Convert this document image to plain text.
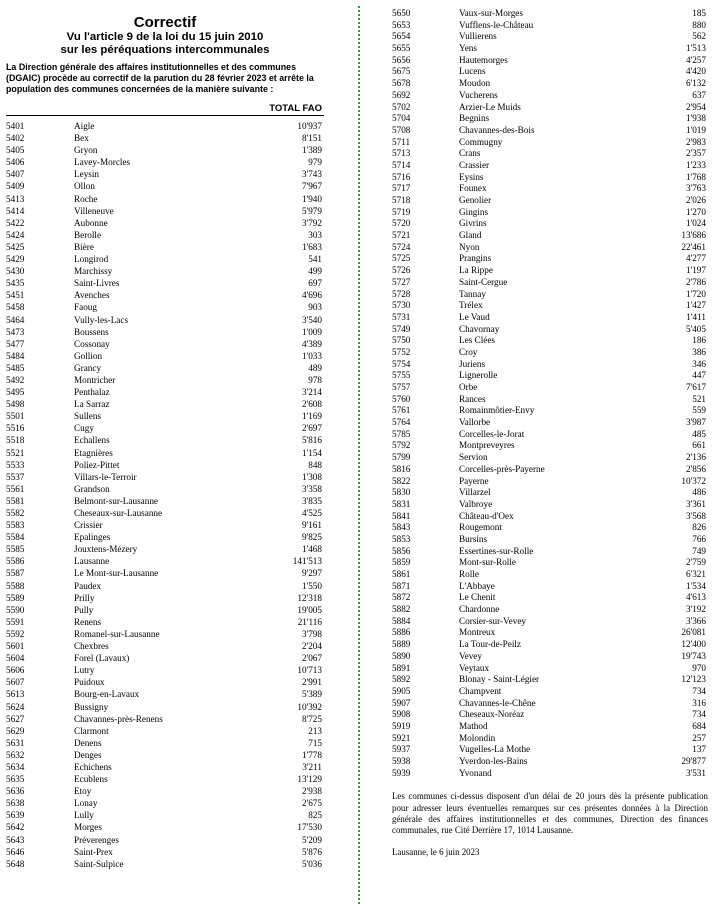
Correctif
Vu l'article 9 de la loi du 15 juin 2010
sur les péréquations intercommunales
La Direction générale des affaires institutionnelles et des communes (DGAIC) procède au correctif de la parution du 28 février 2023 et arrête la population des communes concernées de la manière suivante :
TOTAL FAO
5401	Aigle	10'937
5402	Bex	8'151
5405	Gryon	1'389
5406	Lavey-Morcles	979
5407	Leysin	3'743
5409	Ollon	7'967
5413	Roche	1'940
5414	Villeneuve	5'979
5422	Aubonne	3'792
5424	Berolle	303
5425	Bière	1'683
5429	Longirod	541
5430	Marchissy	499
5435	Saint-Livres	697
5451	Avenches	4'696
5458	Faoug	903
5464	Vully-les-Lacs	3'540
5473	Boussens	1'009
5477	Cossonay	4'389
5484	Gollion	1'033
5485	Grancy	489
5492	Montricher	978
5495	Penthalaz	3'214
5498	La Sarraz	2'608
5501	Sullens	1'169
5516	Cugy	2'697
5518	Echallens	5'816
5521	Etagnières	1'154
5533	Poliez-Pittet	848
5537	Villars-le-Terroir	1'308
5561	Grandson	3'358
5581	Belmont-sur-Lausanne	3'835
5582	Cheseaux-sur-Lausanne	4'525
5583	Crissier	9'161
5584	Epalinges	9'825
5585	Jouxtens-Mézery	1'468
5586	Lausanne	141'513
5587	Le Mont-sur-Lausanne	9'297
5588	Paudex	1'550
5589	Prilly	12'318
5590	Pully	19'005
5591	Renens	21'116
5592	Romanel-sur-Lausanne	3'798
5601	Chexbres	2'204
5604	Forel (Lavaux)	2'067
5606	Lutry	10'713
5607	Puidoux	2'991
5613	Bourg-en-Lavaux	5'389
5624	Bussigny	10'392
5627	Chavannes-près-Renens	8'725
5629	Clarmont	213
5631	Denens	715
5632	Denges	1'778
5634	Echichens	3'211
5635	Ecublens	13'129
5636	Etoy	2'938
5638	Lonay	2'675
5639	Lully	825
5642	Morges	17'530
5643	Préverenges	5'209
5646	Saint-Prex	5'876
5648	Saint-Sulpice	5'036
5650	Vaux-sur-Morges	185
5653	Vufflens-le-Château	880
5654	Vullierens	562
5655	Yens	1'513
5656	Hautemorges	4'257
5675	Lucens	4'420
5678	Moudon	6'132
5692	Vucherens	637
5702	Arzier-Le Muids	2'954
5704	Begnins	1'938
5708	Chavannes-des-Bois	1'019
5711	Commugny	2'983
5713	Crans	2'357
5714	Crassier	1'233
5716	Eysins	1'768
5717	Founex	3'763
5718	Genolier	2'026
5719	Gingins	1'270
5720	Givrins	1'024
5721	Gland	13'686
5724	Nyon	22'461
5725	Prangins	4'277
5726	La Rippe	1'197
5727	Saint-Cergue	2'786
5728	Tannay	1'720
5730	Trélex	1'427
5731	Le Vaud	1'411
5749	Chavornay	5'405
5750	Les Clées	186
5752	Croy	386
5754	Juriens	346
5755	Lignerolle	447
5757	Orbe	7'617
5760	Rances	521
5761	Romainmôtier-Envy	559
5764	Vallorbe	3'987
5785	Corcelles-le-Jorat	485
5792	Montpreveyres	661
5799	Servion	2'136
5816	Corcelles-près-Payerne	2'856
5822	Payerne	10'372
5830	Villarzel	486
5831	Valbroye	3'361
5841	Château-d'Oex	3'568
5843	Rougemont	826
5853	Bursins	766
5856	Essertines-sur-Rolle	749
5859	Mont-sur-Rolle	2'759
5861	Rolle	6'321
5871	L'Abbaye	1'534
5872	Le Chenit	4'613
5882	Chardonne	3'192
5884	Corsier-sur-Vevey	3'366
5886	Montreux	26'081
5889	La Tour-de-Peilz	12'400
5890	Vevey	19'743
5891	Veytaux	970
5892	Blonay - Saint-Légier	12'123
5905	Champvent	734
5907	Chavannes-le-Chêne	316
5908	Cheseaux-Noréaz	734
5919	Mathod	684
5921	Molondin	257
5937	Vugelles-La Mothe	137
5938	Yverdon-les-Bains	29'877
5939	Yvonand	3'531
Les communes ci-dessus disposent d'un délai de 20 jours dès la présente publication pour adresser leurs éventuelles remarques sur ces présentes données à la Direction générale des affaires institutionnelles et des communes, Direction des finances communales, rue Cité Derrière 17, 1014 Lausanne.
Lausanne, le 6 juin 2023
